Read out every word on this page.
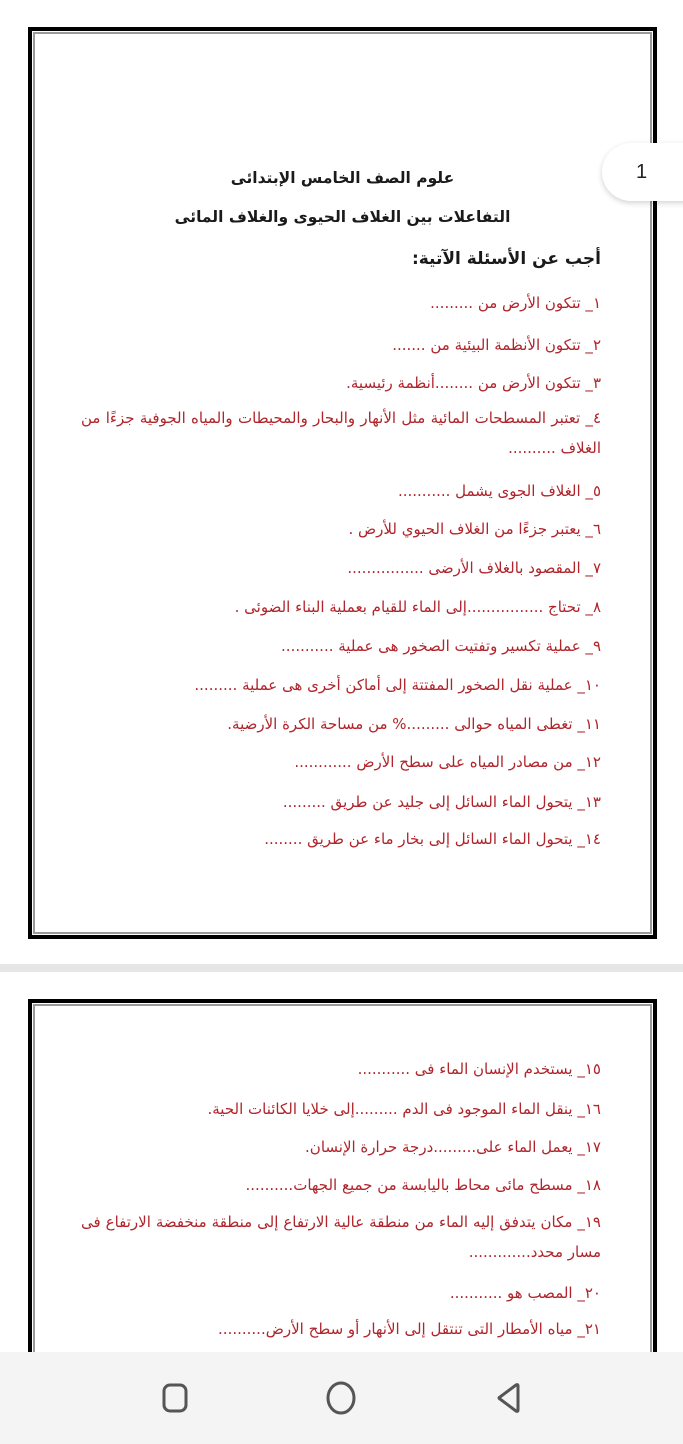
علوم الصف الخامس الإبتدائى
التفاعلات بين الغلاف الحيوى والغلاف المائى
أجب عن الأسئلة الآتية:
١_ تتكون الأرض من .........
٢_ تتكون الأنظمة البيئية من .......
٣_ تتكون الأرض من ........أنظمة رئيسية.
٤_ تعتبر المسطحات المائية مثل الأنهار والبحار والمحيطات والمياه الجوفية جزءًا من الغلاف ..........
٥_ الغلاف الجوى يشمل ...........
٦_ يعتبر جزءًا من الغلاف الحيوي للأرض .
٧_ المقصود بالغلاف الأرضى ................
٨_ تحتاج ................إلى الماء للقيام بعملية البناء الضوئى .
٩_ عملية تكسير وتفتيت الصخور هى عملية ...........
١٠_ عملية نقل الصخور المفتتة إلى أماكن أخرى هى عملية .........
١١_ تغطى المياه حوالى .........% من مساحة الكرة الأرضية.
١٢_ من مصادر المياه على سطح الأرض ............
١٣_ يتحول الماء السائل إلى جليد عن طريق .........
١٤_ يتحول الماء السائل إلى بخار ماء عن طريق ........
١٥_ يستخدم الإنسان الماء فى ...........
١٦_ ينقل الماء الموجود فى الدم .........إلى خلايا الكائنات الحية.
١٧_ يعمل الماء على.........درجة حرارة الإنسان.
١٨_ مسطح مائى محاط باليابسة من جميع الجهات..........
١٩_ مكان يتدفق إليه الماء من منطقة عالية الارتفاع إلى منطقة منخفضة الارتفاع فى مسار محدد.............
٢٠_ المصب هو ...........
٢١_ مياه الأمطار التى تنتقل إلى الأنهار أو سطح الأرض..........
1
